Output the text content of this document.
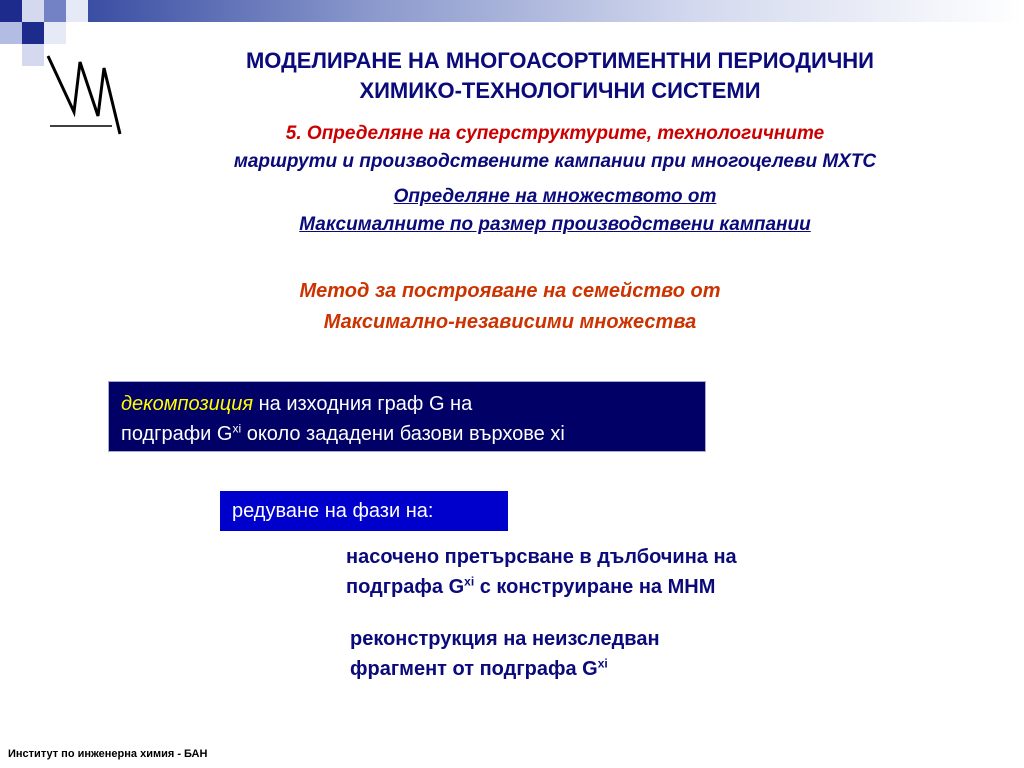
МОДЕЛИРАНЕ НА МНОГОАСОРТИМЕНТНИ ПЕРИОДИЧНИ
ХИМИКО-ТЕХНОЛОГИЧНИ СИСТЕМИ
5. Определяне на суперструктурите, технологичните
маршрути и производствените кампании при многоцелеви МХТС
Определяне на множеството от
Максималните по размер производствени кампании
Метод за построяване на семейство от
Максимално-независими множества
декомпозиция на изходния граф G на
подграфи $G^{xi}$ около зададени базови върхове xi
редуване на фази на:
насочено претърсване в дълбочина на
подграфа $G^{xi}$ с конструиране на МНМ
реконструкция на неизследван
фрагмент от подграфа $G^{xi}$
Институт по инженерна химия - БАН
